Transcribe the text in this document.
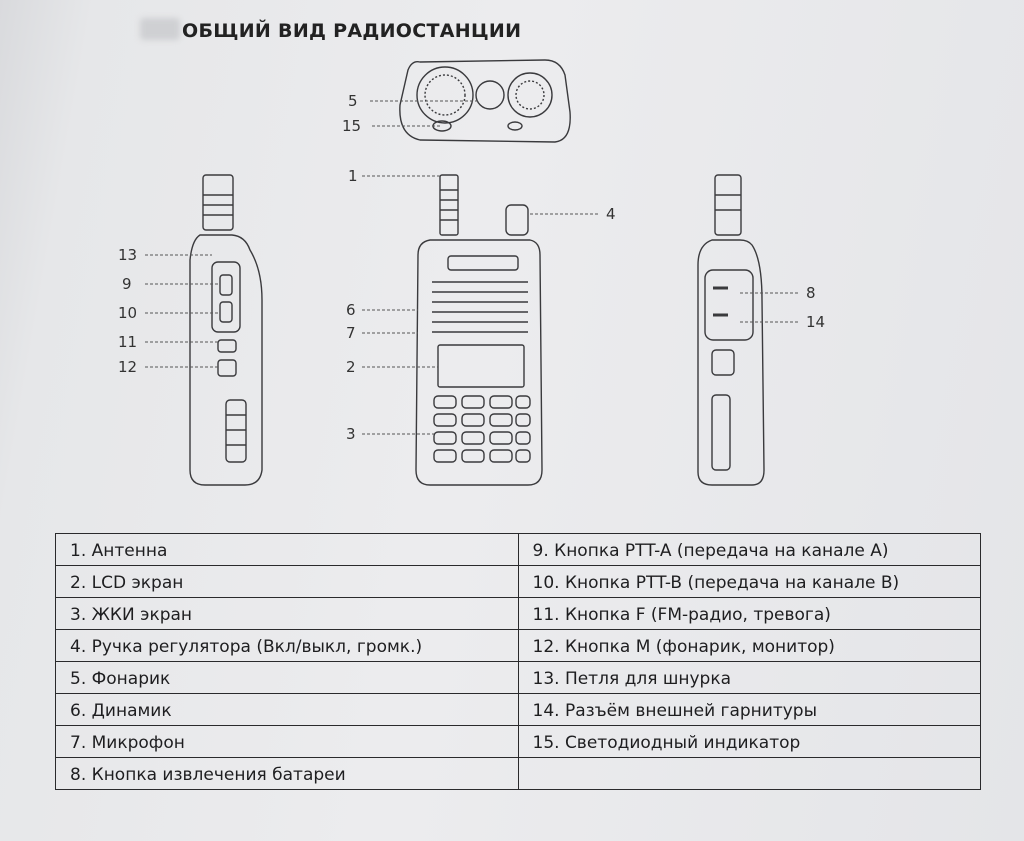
ОБЩИЙ ВИД РАДИОСТАНЦИИ
5
15
1
4
6
7
2
3
13
9
10
11
12
8
14
1. Антенна	9. Кнопка PTT-A (передача на канале A)
2. LCD экран	10. Кнопка PTT-B (передача на канале B)
3. ЖКИ экран	11. Кнопка F (FM-радио, тревога)
4. Ручка регулятора (Вкл/выкл, громк.)	12. Кнопка M (фонарик, монитор)
5. Фонарик	13. Петля для шнурка
6. Динамик	14. Разъём внешней гарнитуры
7. Микрофон	15. Светодиодный индикатор
8. Кнопка извлечения батареи	
